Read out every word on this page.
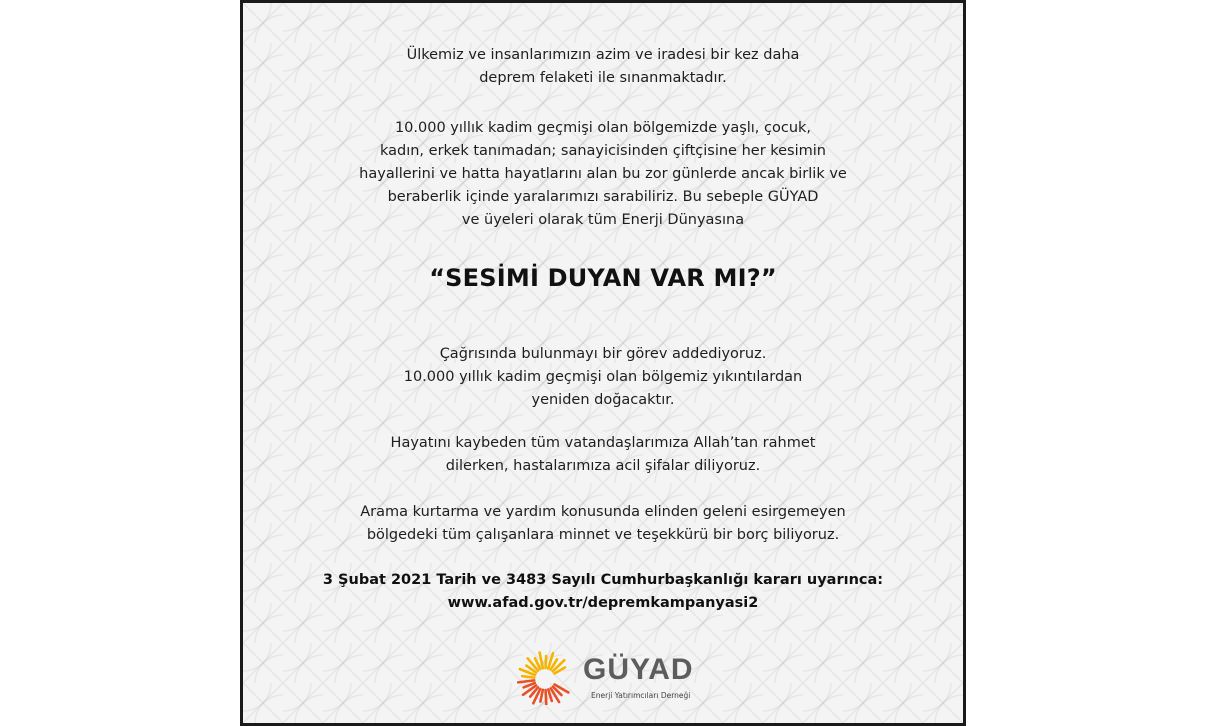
Ülkemiz ve insanlarımızın azim ve iradesi bir kez daha
deprem felaketi ile sınanmaktadır.
10.000 yıllık kadim geçmişi olan bölgemizde yaşlı, çocuk,
kadın, erkek tanımadan; sanayicisinden çiftçisine her kesimin
hayallerini ve hatta hayatlarını alan bu zor günlerde ancak birlik ve
beraberlik içinde yaralarımızı sarabiliriz. Bu sebeple GÜYAD
ve üyeleri olarak tüm Enerji Dünyasına
“SESİMİ DUYAN VAR MI?”
Çağrısında bulunmayı bir görev addediyoruz.
10.000 yıllık kadim geçmişi olan bölgemiz yıkıntılardan
yeniden doğacaktır.
Hayatını kaybeden tüm vatandaşlarımıza Allah’tan rahmet
dilerken, hastalarımıza acil şifalar diliyoruz.
Arama kurtarma ve yardım konusunda elinden geleni esirgemeyen
bölgedeki tüm çalışanlara minnet ve teşekkürü bir borç biliyoruz.
3 Şubat 2021 Tarih ve 3483 Sayılı Cumhurbaşkanlığı kararı uyarınca:
www.afad.gov.tr/depremkampanyasi2
GÜYAD
Enerji Yatırımcıları Derneği
